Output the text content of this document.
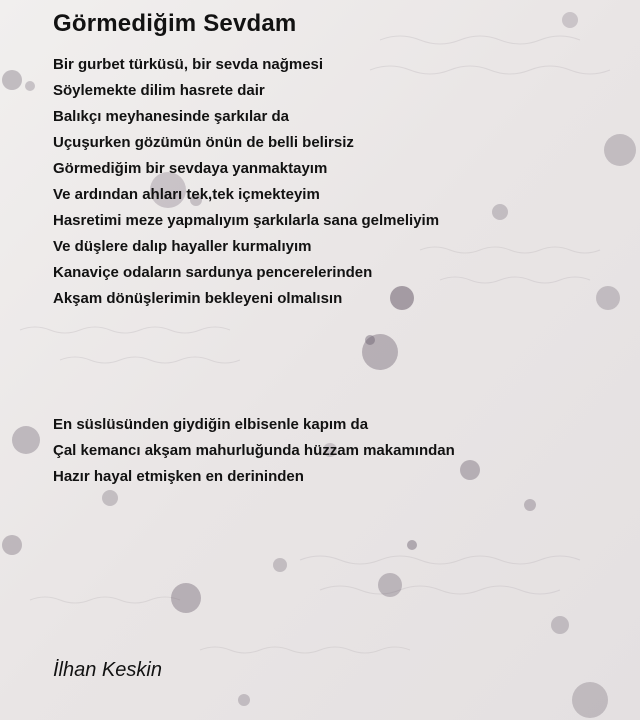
Görmediğim Sevdam
Bir gurbet türküsü, bir sevda nağmesi
Söylemekte dilim hasrete dair
Balıkçı meyhanesinde şarkılar da
Uçuşurken gözümün önün de belli belirsiz
Görmediğim bir sevdaya yanmaktayım
Ve ardından ahları tek,tek içmekteyim
Hasretimi meze yapmalıyım şarkılarla sana gelmeliyim
Ve düşlere dalıp hayaller kurmalıyım
Kanaviçe odaların sardunya pencerelerinden
Akşam dönüşlerimin bekleyeni olmalısın
En süslüsünden giydiğin elbisenle kapım da
Çal kemancı akşam mahurluğunda hüzzam makamından
Hazır hayal etmişken en derininden
İlhan Keskin
